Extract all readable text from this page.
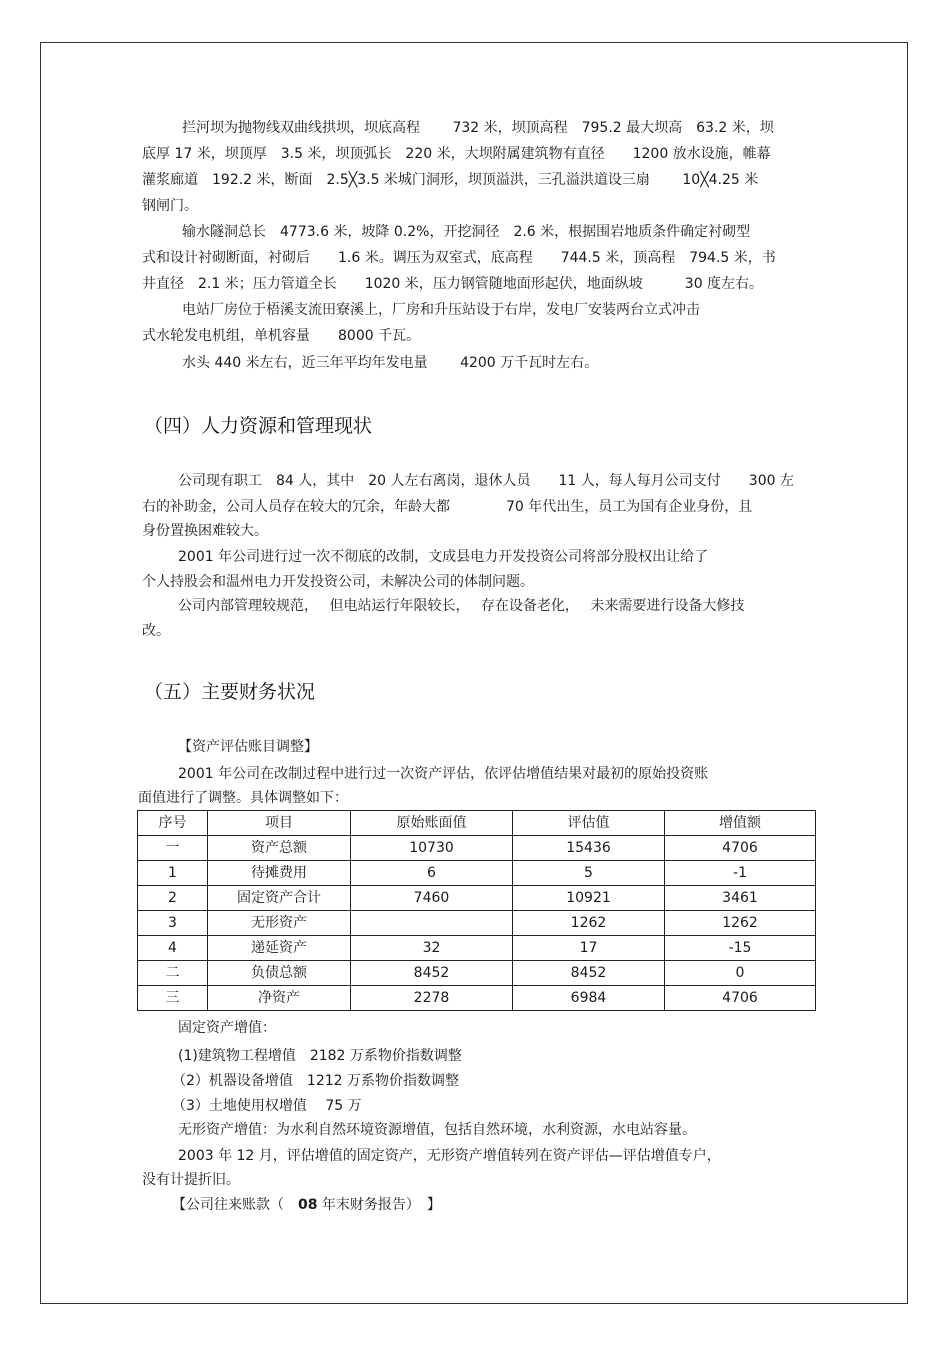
拦河坝为抛物线双曲线拱坝，坝底高程　　 732 米，坝顶高程　795.2 最大坝高　63.2 米，坝
底厚 17 米，坝顶厚　3.5 米，坝顶弧长　220 米，大坝附属建筑物有直径　　1200 放水设施，帷幕
灌浆廊道　192.2 米，断面　2.5╳3.5 米城门洞形，坝顶溢洪，三孔溢洪道设三扇　　 10╳4.25 米
钢闸门。
输水隧洞总长　4773.6 米，坡降 0.2%，开挖洞径　2.6 米，根据围岩地质条件确定衬砌型
式和设计衬砌断面，衬砌后　　1.6 米。调压为双室式，底高程　　744.5 米，顶高程　794.5 米，书
井直径　2.1 米；压力管道全长　　1020 米，压力钢管随地面形起伏，地面纵坡　　　30 度左右。
电站厂房位于梧溪支流田寮溪上，厂房和升压站设于右岸，发电厂安装两台立式冲击
式水轮发电机组，单机容量　　8000 千瓦。
水头 440 米左右，近三年平均年发电量　　 4200 万千瓦时左右。
（四）人力资源和管理现状
公司现有职工　84 人，其中　20 人左右离岗，退休人员　　11 人，每人每月公司支付　　300 左
右的补助金，公司人员存在较大的冗余，年龄大都　　　　70 年代出生，员工为国有企业身份，且
身份置换困难较大。
2001 年公司进行过一次不彻底的改制，文成县电力开发投资公司将部分股权出让给了
个人持股会和温州电力开发投资公司，未解决公司的体制问题。
公司内部管理较规范，　 但电站运行年限较长，　 存在设备老化，　 未来需要进行设备大修技
改。
（五）主要财务状况
【资产评估账目调整】
2001 年公司在改制过程中进行过一次资产评估，依评估增值结果对最初的原始投资账
面值进行了调整。具体调整如下：
序号	项目	原始账面值	评估值	增值额
一	资产总额	10730	15436	4706
1	待摊费用	6	5	-1
2	固定资产合计	7460	10921	3461
3	无形资产		1262	1262
4	递延资产	32	17	-15
二	负债总额	8452	8452	0
三	净资产	2278	6984	4706
固定资产增值：
(1)建筑物工程增值　2182 万系物价指数调整
（2）机器设备增值　1212 万系物价指数调整
（3）土地使用权增值　 75 万
无形资产增值：为水利自然环境资源增值，包括自然环境，水利资源，水电站容量。
2003 年 12 月，评估增值的固定资产，无形资产增值转列在资产评估—评估增值专户，
没有计提折旧。
【公司往来账款（　08 年末财务报告）　】
